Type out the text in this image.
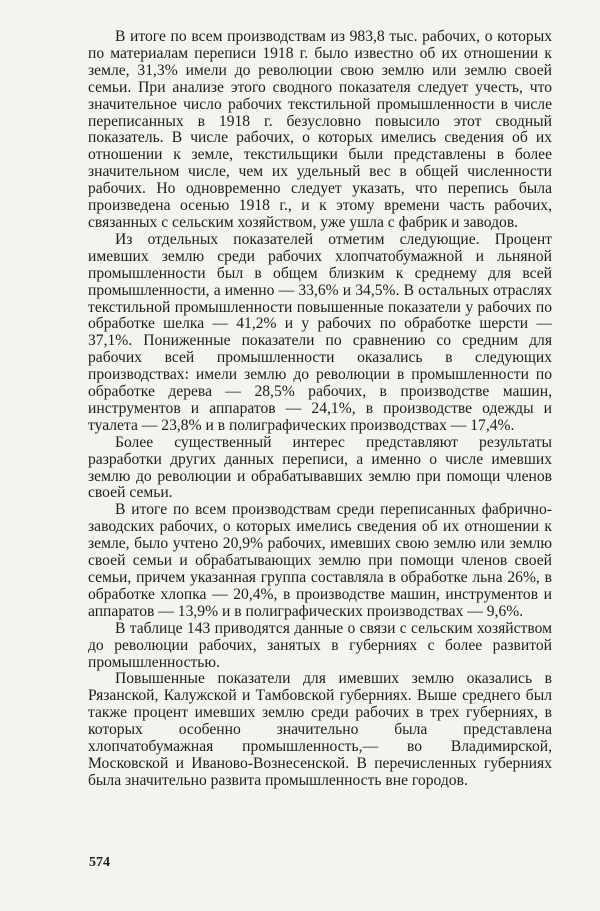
В итоге по всем производствам из 983,8 тыс. рабочих, о которых по материалам переписи 1918 г. было известно об их отношении к земле, 31,3% имели до революции свою землю или землю своей семьи. При анализе этого сводного показателя следует учесть, что значительное число рабочих текстильной промышленности в числе переписанных в 1918 г. безусловно повысило этот сводный показатель. В числе рабочих, о которых имелись сведения об их отношении к земле, текстильщики были представлены в более значительном числе, чем их удельный вес в общей численности рабочих. Но одновременно следует указать, что перепись была произведена осенью 1918 г., и к этому времени часть рабочих, связанных с сельским хозяйством, уже ушла с фабрик и заводов.

Из отдельных показателей отметим следующие. Процент имевших землю среди рабочих хлопчатобумажной и льняной промышленности был в общем близким к среднему для всей промышленности, а именно — 33,6% и 34,5%. В остальных отраслях текстильной промышленности повышенные показатели у рабочих по обработке шелка — 41,2% и у рабочих по обработке шерсти — 37,1%. Пониженные показатели по сравнению со средним для рабочих всей промышленности оказались в следующих производствах: имели землю до революции в промышленности по обработке дерева — 28,5% рабочих, в производстве машин, инструментов и аппаратов — 24,1%, в производстве одежды и туалета — 23,8% и в полиграфических производствах — 17,4%.

Более существенный интерес представляют результаты разработки других данных переписи, а именно о числе имевших землю до революции и обрабатывавших землю при помощи членов своей семьи.

В итоге по всем производствам среди переписанных фабрично-заводских рабочих, о которых имелись сведения об их отношении к земле, было учтено 20,9% рабочих, имевших свою землю или землю своей семьи и обрабатывающих землю при помощи членов своей семьи, причем указанная группа составляла в обработке льна 26%, в обработке хлопка — 20,4%, в производстве машин, инструментов и аппаратов — 13,9% и в полиграфических производствах — 9,6%.

В таблице 143 приводятся данные о связи с сельским хозяйством до революции рабочих, занятых в губерниях с более развитой промышленностью.

Повышенные показатели для имевших землю оказались в Рязанской, Калужской и Тамбовской губерниях. Выше среднего был также процент имевших землю среди рабочих в трех губерниях, в которых особенно значительно была представлена хлопчатобумажная промышленность,— во Владимирской, Московской и Иваново-Вознесенской. В перечисленных губерниях была значительно развита промышленность вне городов.

574
